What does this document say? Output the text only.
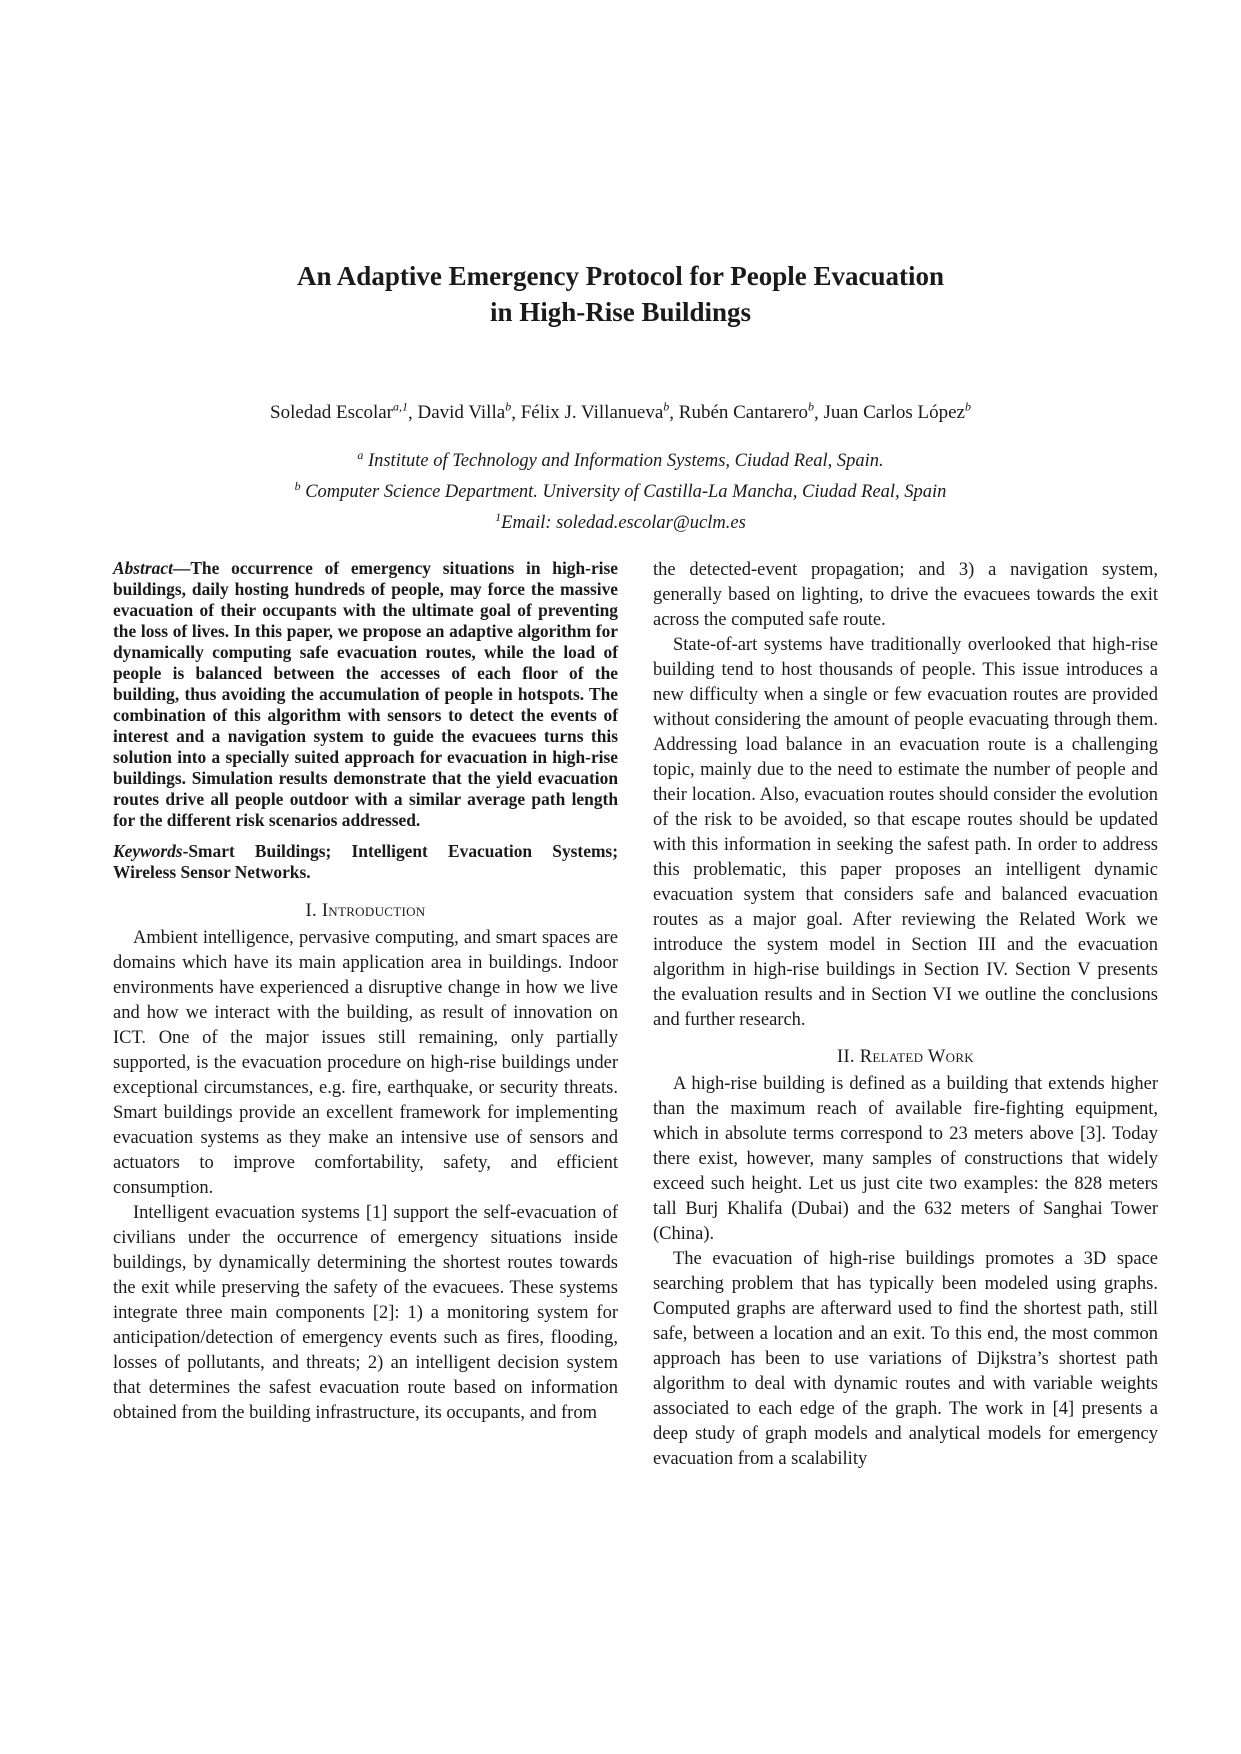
An Adaptive Emergency Protocol for People Evacuation
in High-Rise Buildings
Soledad Escolar$^{a,1}$, David Villa$^b$, Félix J. Villanueva$^b$, Rubén Cantarero$^b$, Juan Carlos López$^b$
$^a$ Institute of Technology and Information Systems, Ciudad Real, Spain.
$^b$ Computer Science Department. University of Castilla-La Mancha, Ciudad Real, Spain
$^1$Email: soledad.escolar@uclm.es
Abstract—The occurrence of emergency situations in high-rise buildings, daily hosting hundreds of people, may force the massive evacuation of their occupants with the ultimate goal of preventing the loss of lives. In this paper, we propose an adaptive algorithm for dynamically computing safe evacuation routes, while the load of people is balanced between the accesses of each floor of the building, thus avoiding the accumulation of people in hotspots. The combination of this algorithm with sensors to detect the events of interest and a navigation system to guide the evacuees turns this solution into a specially suited approach for evacuation in high-rise buildings. Simulation results demonstrate that the yield evacuation routes drive all people outdoor with a similar average path length for the different risk scenarios addressed.
Keywords-Smart Buildings; Intelligent Evacuation Systems; Wireless Sensor Networks.
I. Introduction

Ambient intelligence, pervasive computing, and smart spaces are domains which have its main application area in buildings. Indoor environments have experienced a disruptive change in how we live and how we interact with the building, as result of innovation on ICT. One of the major issues still remaining, only partially supported, is the evacuation procedure on high-rise buildings under exceptional circumstances, e.g. fire, earthquake, or security threats. Smart buildings provide an excellent framework for implementing evacuation systems as they make an intensive use of sensors and actuators to improve comfortability, safety, and efficient consumption.

Intelligent evacuation systems [1] support the self-evacuation of civilians under the occurrence of emergency situations inside buildings, by dynamically determining the shortest routes towards the exit while preserving the safety of the evacuees. These systems integrate three main components [2]: 1) a monitoring system for anticipation/detection of emergency events such as fires, flooding, losses of pollutants, and threats; 2) an intelligent decision system that determines the safest evacuation route based on information obtained from the building infrastructure, its occupants, and from

the detected-event propagation; and 3) a navigation system, generally based on lighting, to drive the evacuees towards the exit across the computed safe route.

State-of-art systems have traditionally overlooked that high-rise building tend to host thousands of people. This issue introduces a new difficulty when a single or few evacuation routes are provided without considering the amount of people evacuating through them. Addressing load balance in an evacuation route is a challenging topic, mainly due to the need to estimate the number of people and their location. Also, evacuation routes should consider the evolution of the risk to be avoided, so that escape routes should be updated with this information in seeking the safest path. In order to address this problematic, this paper proposes an intelligent dynamic evacuation system that considers safe and balanced evacuation routes as a major goal. After reviewing the Related Work we introduce the system model in Section III and the evacuation algorithm in high-rise buildings in Section IV. Section V presents the evaluation results and in Section VI we outline the conclusions and further research.

II. Related Work

A high-rise building is defined as a building that extends higher than the maximum reach of available fire-fighting equipment, which in absolute terms correspond to 23 meters above [3]. Today there exist, however, many samples of constructions that widely exceed such height. Let us just cite two examples: the 828 meters tall Burj Khalifa (Dubai) and the 632 meters of Sanghai Tower (China).

The evacuation of high-rise buildings promotes a 3D space searching problem that has typically been modeled using graphs. Computed graphs are afterward used to find the shortest path, still safe, between a location and an exit. To this end, the most common approach has been to use variations of Dijkstra’s shortest path algorithm to deal with dynamic routes and with variable weights associated to each edge of the graph. The work in [4] presents a deep study of graph models and analytical models for emergency evacuation from a scalability
